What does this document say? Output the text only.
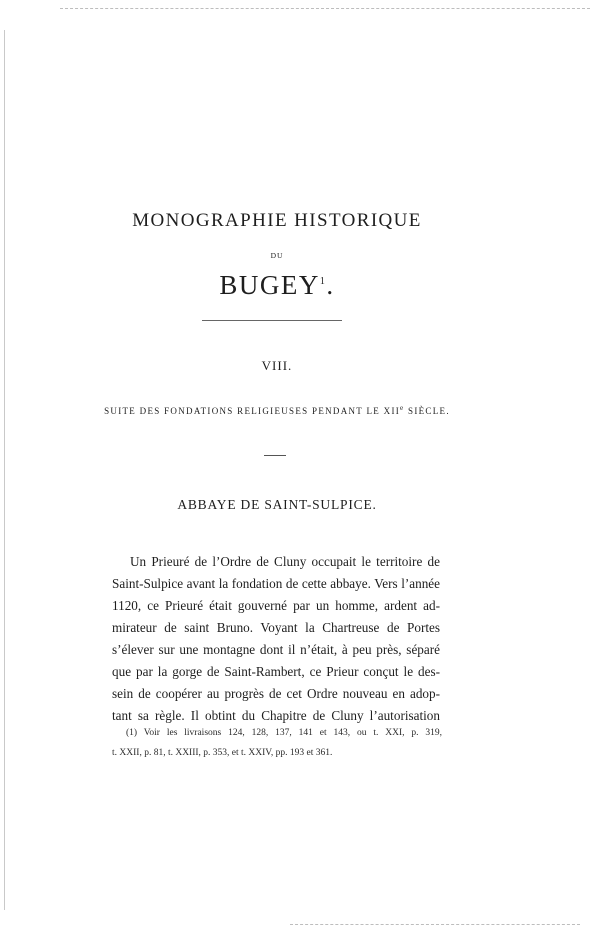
MONOGRAPHIE HISTORIQUE
DU
BUGEY$^1$.
VIII.
SUITE DES FONDATIONS RELIGIEUSES PENDANT LE XIIe SIÈCLE.
ABBAYE DE SAINT-SULPICE.
Un Prieuré de l’Ordre de Cluny occupait le territoire de
Saint-Sulpice avant la fondation de cette abbaye. Vers l’année
1120, ce Prieuré était gouverné par un homme, ardent ad-
mirateur de saint Bruno. Voyant la Chartreuse de Portes
s’élever sur une montagne dont il n’était, à peu près, séparé
que par la gorge de Saint-Rambert, ce Prieur conçut le des-
sein de coopérer au progrès de cet Ordre nouveau en adop-
tant sa règle. Il obtint du Chapitre de Cluny l’autorisation
(1) Voir les livraisons 124, 128, 137, 141 et 143, ou t. XXI, p. 319,
t. XXII, p. 81, t. XXIII, p. 353, et t. XXIV, pp. 193 et 361.
